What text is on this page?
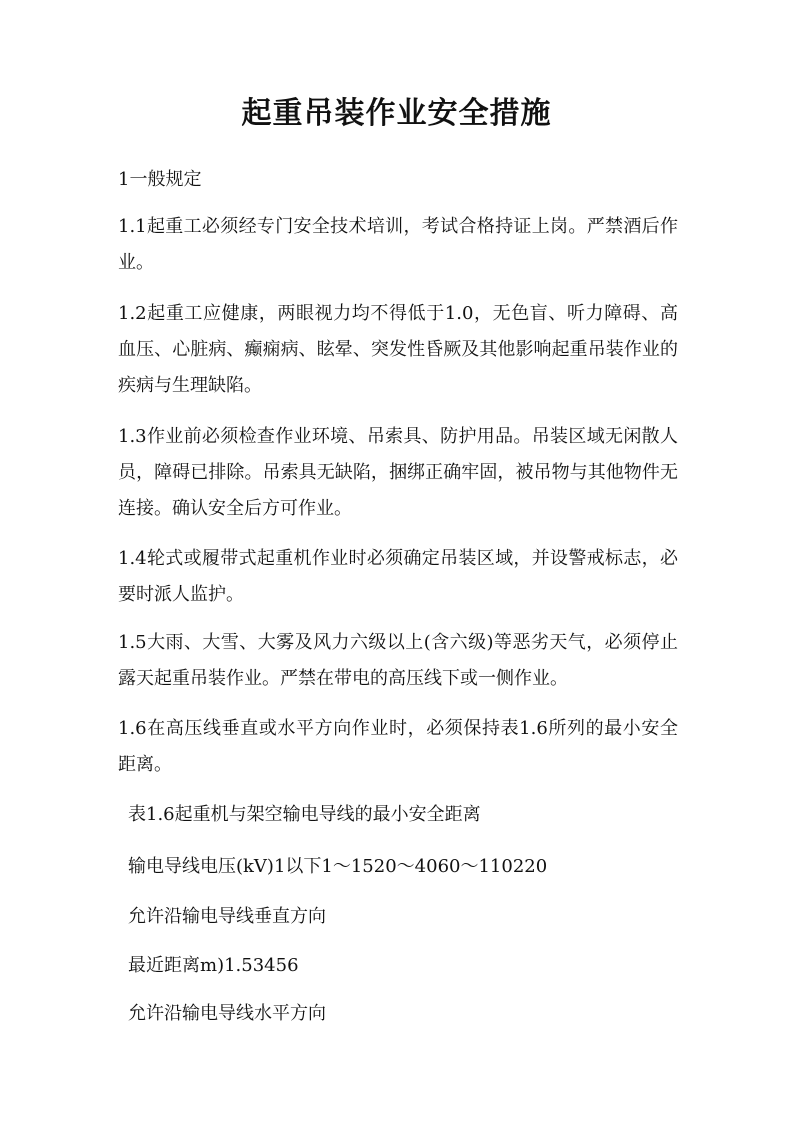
起重吊装作业安全措施
1一般规定
1.1起重工必须经专门安全技术培训，考试合格持证上岗。严禁酒后作业。
1.2起重工应健康，两眼视力均不得低于1.0，无色盲、听力障碍、高血压、心脏病、癫痫病、眩晕、突发性昏厥及其他影响起重吊装作业的疾病与生理缺陷。
1.3作业前必须检查作业环境、吊索具、防护用品。吊装区域无闲散人员，障碍已排除。吊索具无缺陷，捆绑正确牢固，被吊物与其他物件无连接。确认安全后方可作业。
1.4轮式或履带式起重机作业时必须确定吊装区域，并设警戒标志，必要时派人监护。
1.5大雨、大雪、大雾及风力六级以上(含六级)等恶劣天气，必须停止露天起重吊装作业。严禁在带电的高压线下或一侧作业。
1.6在高压线垂直或水平方向作业时，必须保持表1.6所列的最小安全距离。
表1.6起重机与架空输电导线的最小安全距离
输电导线电压(kV)1以下1～1520～4060～110220
允许沿输电导线垂直方向
最近距离m)1.53456
允许沿输电导线水平方向
